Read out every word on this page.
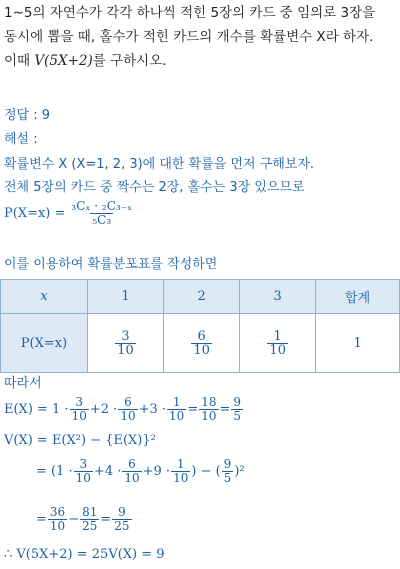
1∼5의 자연수가 각각 하나씩 적힌 5장의 카드 중 임의로 3장을
동시에 뽑을 때, 홀수가 적힌 카드의 개수를 확률변수 X라 하자.
이때 V(5X+2)를 구하시오.
정답 : 9
해설 :
확률변수 X (X=1, 2, 3)에 대한 확률을 먼저 구해보자.
전체 5장의 카드 중 짝수는 2장, 홀수는 3장 있으므로
$P(X=x) = \frac{\text{₃Cₓ · ₂C₃₋ₓ}}{\text{₅C₃}}$
이를 이용하여 확률분포표를 작성하면
x	1	2	3	합계
P(X=x)	$\frac{3}{10}$	$\frac{6}{10}$	$\frac{1}{10}$	1
따라서
$E(X) = 1 \cdot \frac{3}{10} +2 \cdot \frac{6}{10} +3 \cdot \frac{1}{10} = \frac{18}{10} = \frac{9}{5}$
V(X) = E(X²) − {E(X)}²
= ($1 \cdot \frac{3}{10} +4 \cdot \frac{6}{10} +9 \cdot \frac{1}{10}$ ) − ( $\frac{9}{5} )^2$
= $\frac{36}{10} - \frac{81}{25} = \frac{9}{25}$
∴ V(5X+2) = 25V(X) = 9
